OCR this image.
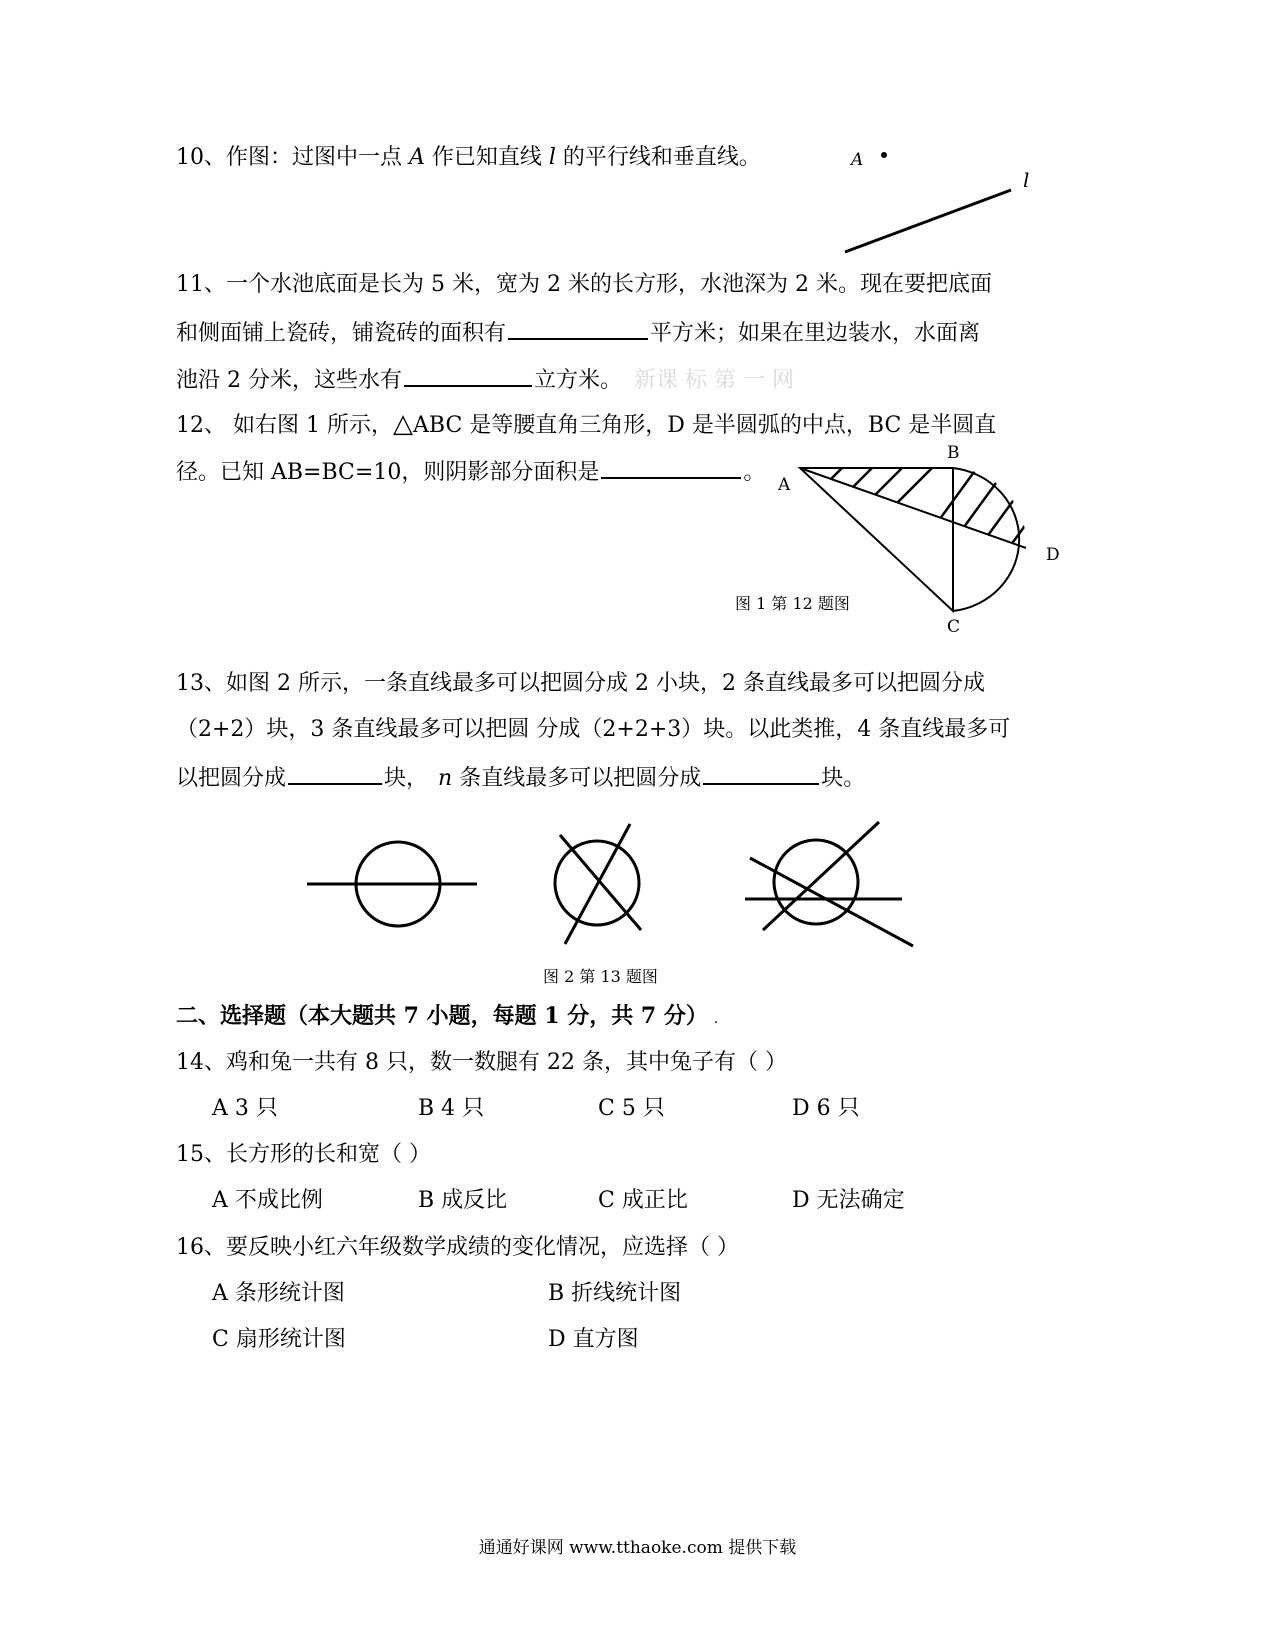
10、作图：过图中一点 A 作已知直线 l 的平行线和垂直线。	A
l
11、一个水池底面是长为 5 米，宽为 2 米的长方形，水池深为 2 米。现在要把底面
和侧面铺上瓷砖，铺瓷砖的面积有	平方米；如果在里边装水，水面离
池沿 2 分米，这些水有	立方米。 新课 标 第 一 网
12、 如右图 1 所示，△ABC 是等腰直角三角形，D 是半圆弧的中点，BC 是半圆直
径。已知 AB=BC=10，则阴影部分面积是	。 A
B
C
D
图 1 第 12 题图
13、如图 2 所示，一条直线最多可以把圆分成 2 小块，2 条直线最多可以把圆分成
（2+2）块，3 条直线最多可以把圆 分成（2+2+3）块。以此类推，4 条直线最多可
以把圆分成	块， n 条直线最多可以把圆分成	块。
图 2 第 13 题图
二、选择题（本大题共 7 小题，每题 1 分，共 7 分） .
14、鸡和兔一共有 8 只，数一数腿有 22 条，其中兔子有（ ）
A 3 只	B 4 只	C 5 只	D 6 只
15、长方形的长和宽（ ）
A 不成比例	B 成反比	C 成正比	D 无法确定
16、要反映小红六年级数学成绩的变化情况，应选择（ ）
A 条形统计图	B 折线统计图
C 扇形统计图	D 直方图
通通好课网 www.tthaoke.com 提供下载
